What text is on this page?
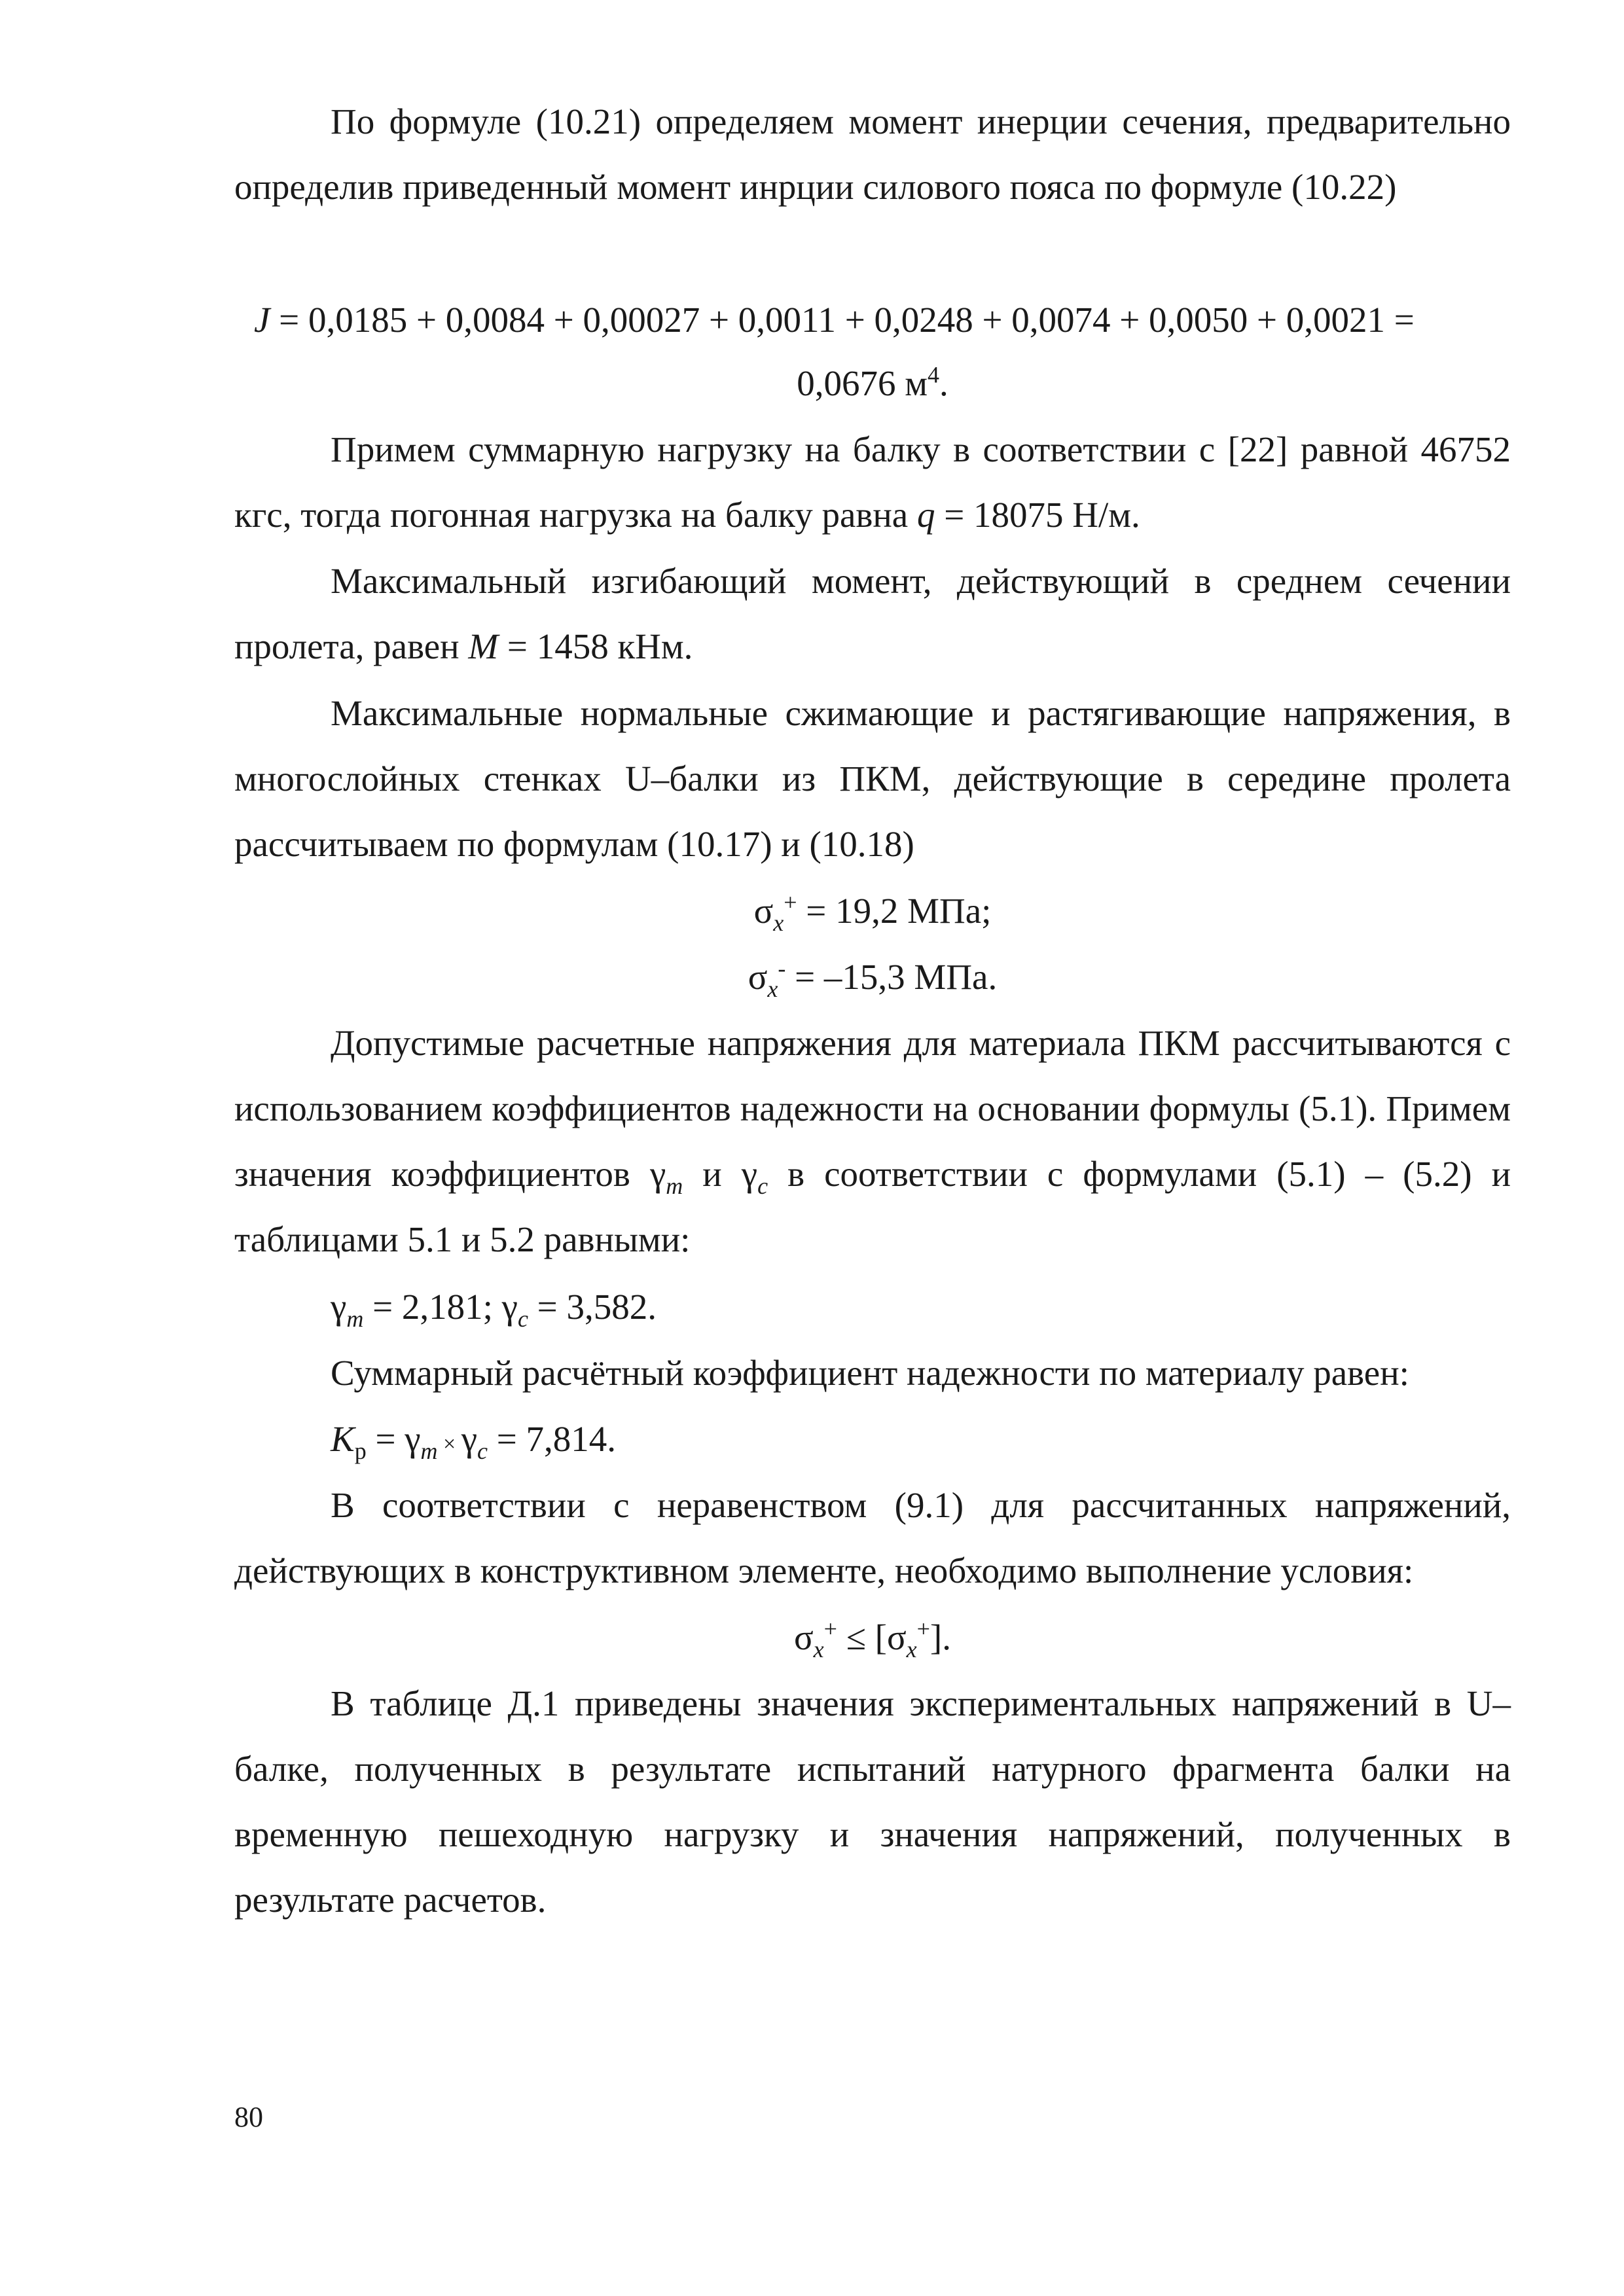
По формуле (10.21) определяем момент инерции сечения, предварительно определив приведенный момент инрции силового пояса по формуле (10.22)

J = 0,0185 + 0,0084 + 0,00027 + 0,0011 + 0,0248 + 0,0074 + 0,0050 + 0,0021 =

0,0676 $м^4$.

Примем суммарную нагрузку на балку в соответствии с [22] равной 46752 кгс, тогда погонная нагрузка на балку равна q = 18075 Н/м.

Максимальный изгибающий момент, действующий в среднем сечении пролета, равен M = 1458 кНм.

Максимальные нормальные сжимающие и растягивающие напряжения, в многослойных стенках U–балки из ПКМ, действующие в середине пролета рассчитываем по формулам (10.17) и (10.18)

$\sigma_x^+ = 19,2$ МПа;

$\sigma_x^- = -15,3$ МПа.

Допустимые расчетные напряжения для материала ПКМ рассчитываются с использованием коэффициентов надежности на основании формулы (5.1). Примем значения коэффициентов $\gamma_m$ и $\gamma_c$ в соответствии с формулами (5.1) – (5.2) и таблицами 5.1 и 5.2 равными:

$\gamma_m = 2,181$; $\gamma_c = 3,582$.

Суммарный расчётный коэффициент надежности по материалу равен:

$K_р = \gamma_m \times \gamma_c = 7,814$.

В соответствии с неравенством (9.1) для рассчитанных напряжений, действующих в конструктивном элементе, необходимо выполнение условия:

$\sigma_x^+ \le [\sigma_x^+]$.

В таблице Д.1 приведены значения экспериментальных напряжений в U–балке, полученных в результате испытаний натурного фрагмента балки на временную пешеходную нагрузку и значения напряжений, полученных в результате расчетов.

80
